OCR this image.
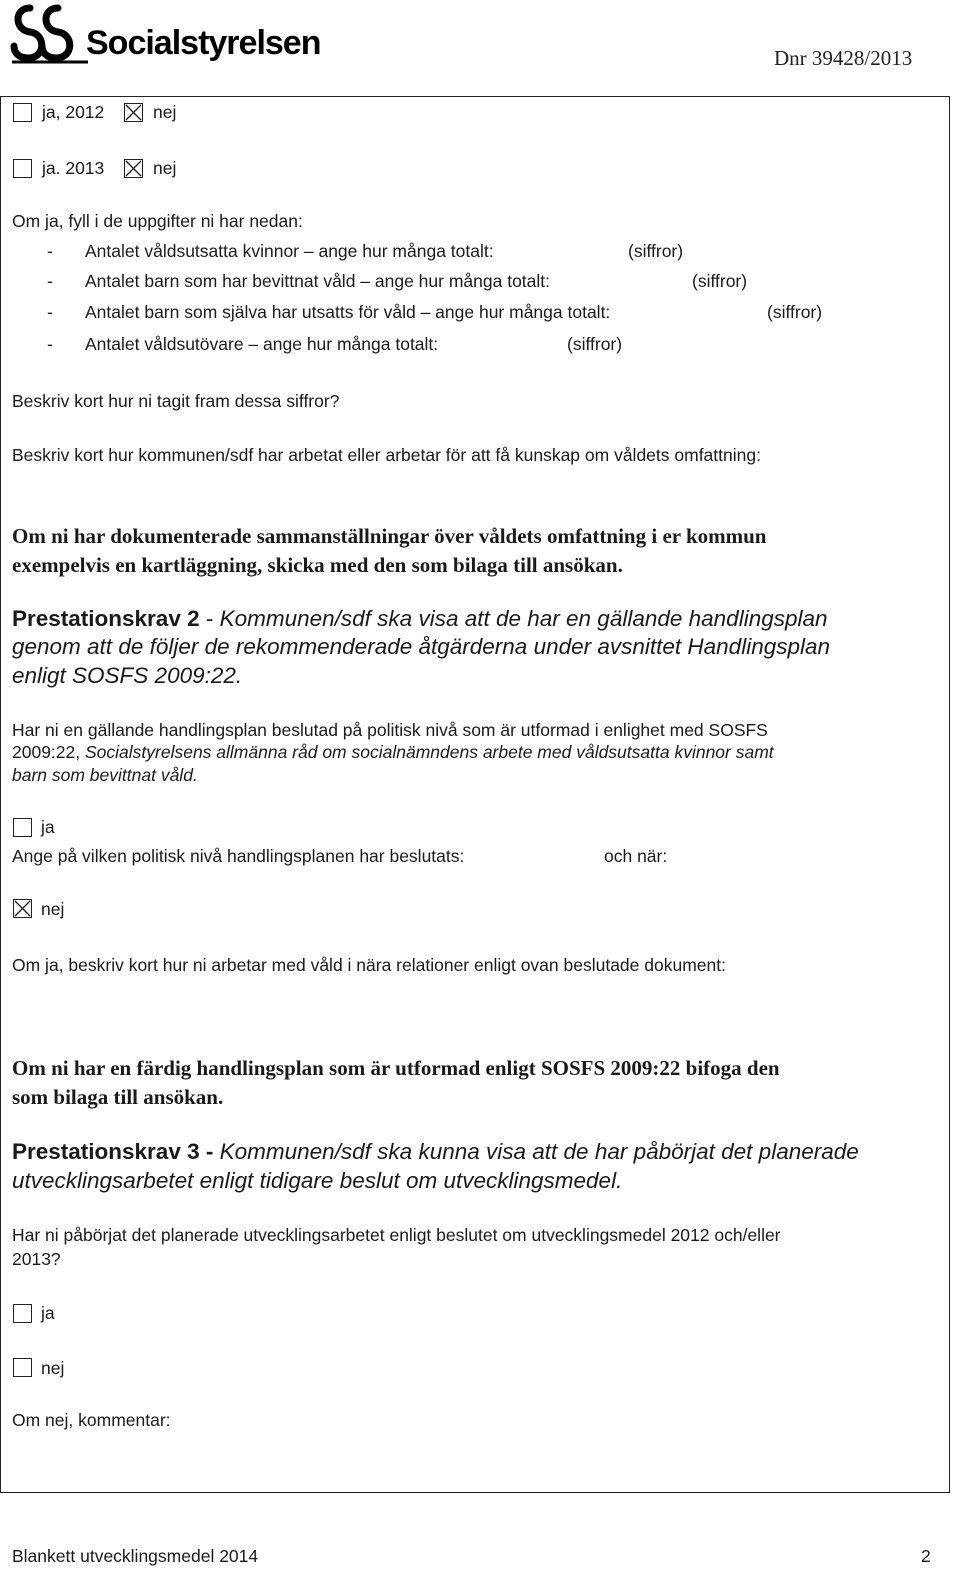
Socialstyrelsen	Dnr 39428/2013
ja, 2012	nej
ja. 2013	nej
Om ja, fyll i de uppgifter ni har nedan:
- Antalet våldsutsatta kvinnor – ange hur många totalt:	(siffror)
- Antalet barn som har bevittnat våld – ange hur många totalt:	(siffror)
- Antalet barn som själva har utsatts för våld – ange hur många totalt:	(siffror)
- Antalet våldsutövare – ange hur många totalt:	(siffror)
Beskriv kort hur ni tagit fram dessa siffror?
Beskriv kort hur kommunen/sdf har arbetat eller arbetar för att få kunskap om våldets omfattning:
Om ni har dokumenterade sammanställningar över våldets omfattning i er kommun
exempelvis en kartläggning, skicka med den som bilaga till ansökan.
Prestationskrav 2 - Kommunen/sdf ska visa att de har en gällande handlingsplan
genom att de följer de rekommenderade åtgärderna under avsnittet Handlingsplan
enligt SOSFS 2009:22.
Har ni en gällande handlingsplan beslutad på politisk nivå som är utformad i enlighet med SOSFS
2009:22, Socialstyrelsens allmänna råd om socialnämndens arbete med våldsutsatta kvinnor samt
barn som bevittnat våld.
ja
Ange på vilken politisk nivå handlingsplanen har beslutats:	och när:
nej
Om ja, beskriv kort hur ni arbetar med våld i nära relationer enligt ovan beslutade dokument:
Om ni har en färdig handlingsplan som är utformad enligt SOSFS 2009:22 bifoga den
som bilaga till ansökan.
Prestationskrav 3 - Kommunen/sdf ska kunna visa att de har påbörjat det planerade
utvecklingsarbetet enligt tidigare beslut om utvecklingsmedel.
Har ni påbörjat det planerade utvecklingsarbetet enligt beslutet om utvecklingsmedel 2012 och/eller
2013?
ja
nej
Om nej, kommentar:
Blankett utvecklingsmedel 2014	2
